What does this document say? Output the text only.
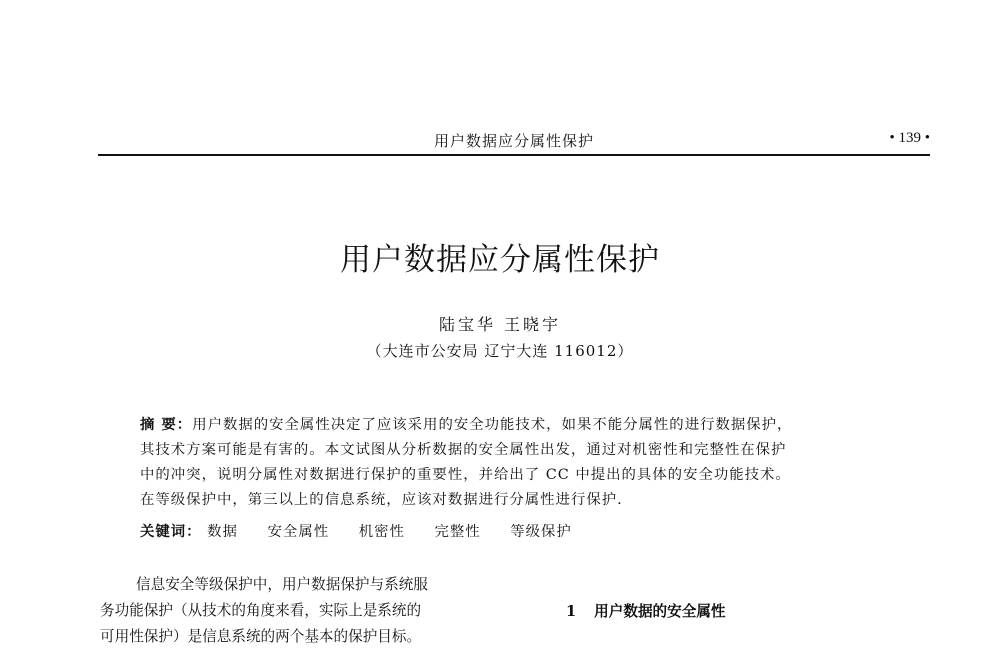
用户数据应分属性保护	• 139 •
用户数据应分属性保护
陆宝华 王晓宇
（大连市公安局 辽宁大连 116012）
摘 要：用户数据的安全属性决定了应该采用的安全功能技术，如果不能分属性的进行数据保护，
其技术方案可能是有害的。本文试图从分析数据的安全属性出发，通过对机密性和完整性在保护
中的冲突，说明分属性对数据进行保护的重要性，并给出了 CC 中提出的具体的安全功能技术。
在等级保护中，第三以上的信息系统，应该对数据进行分属性进行保护.
关键词： 数据 安全属性 机密性 完整性 等级保护
信息安全等级保护中，用户数据保护与系统服
务功能保护（从技术的角度来看，实际上是系统的
可用性保护）是信息系统的两个基本的保护目标。
1 用户数据的安全属性
